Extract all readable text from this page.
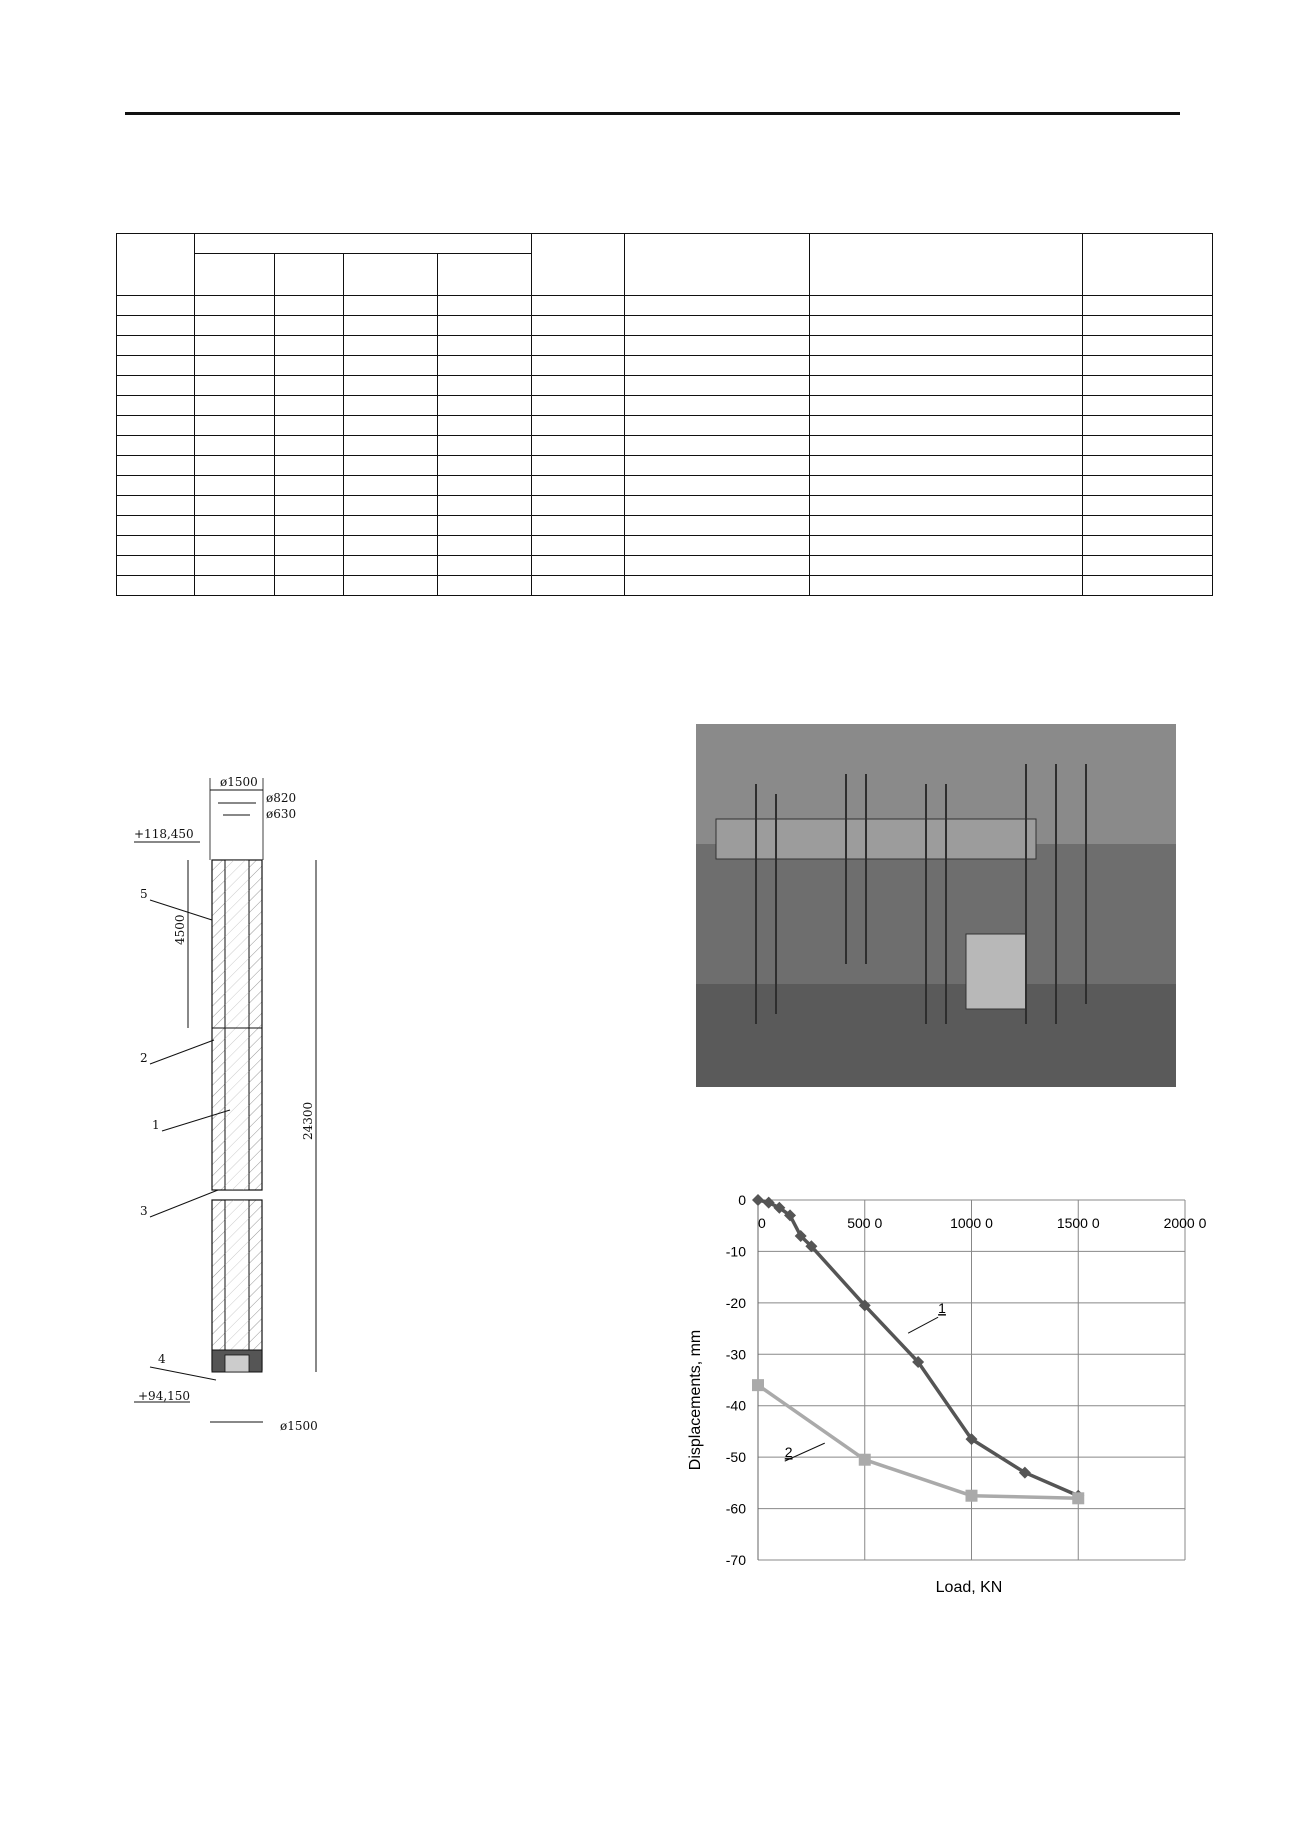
ø1500
ø820
ø630
+118,450
4500
24300
5
2
1
3
4
+94,150
ø1500
0
-10
-20
-30
-40
-50
-60
-70
0	500 0	1000 0	1500 0	2000 0
1
2
Load, KN
Displacements, mm
